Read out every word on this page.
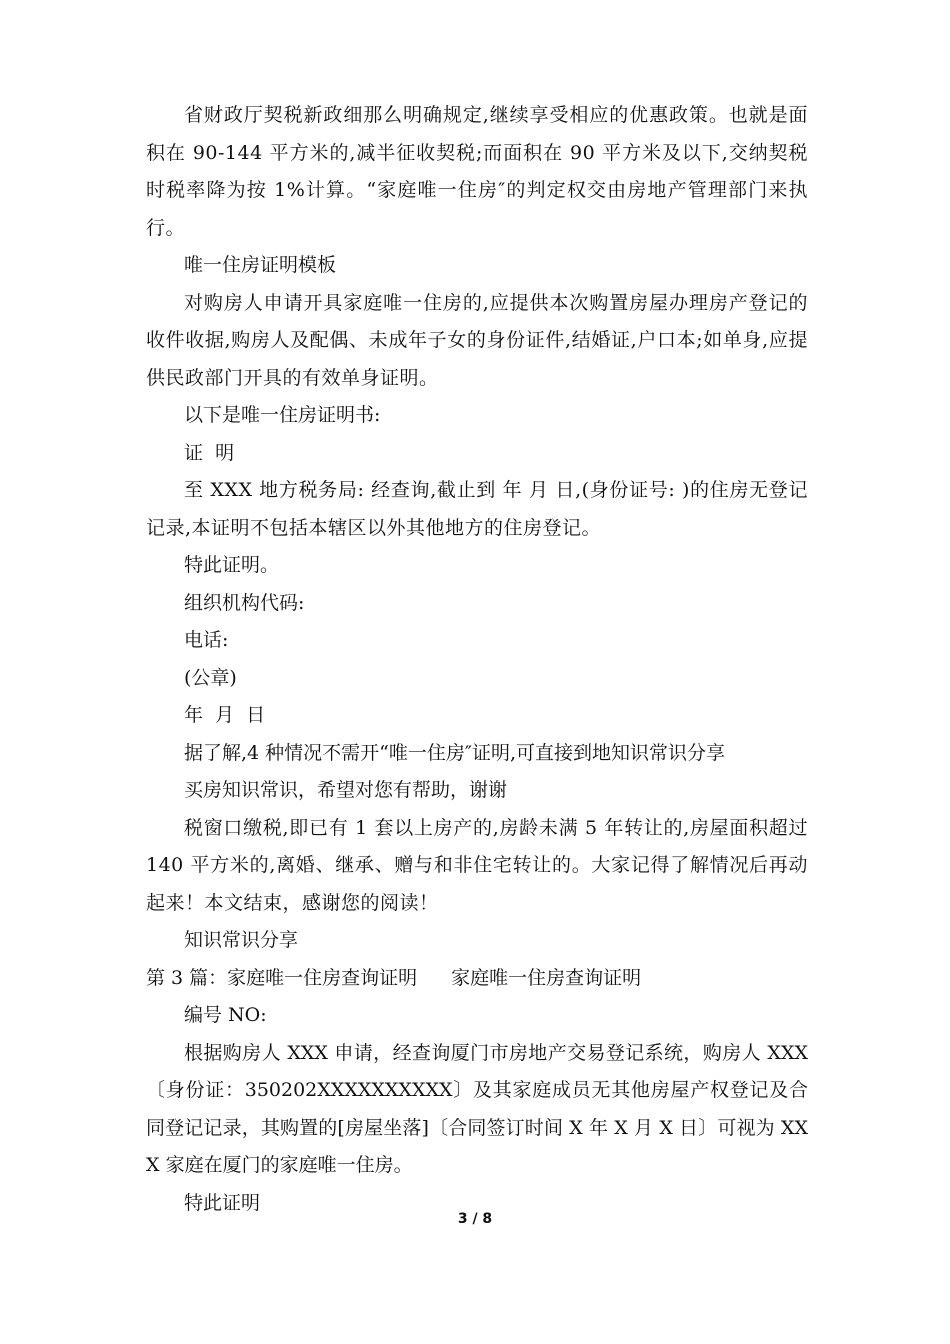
省财政厅契税新政细那么明确规定,继续享受相应的优惠政策。也就是面积在 90-144 平方米的,减半征收契税;而面积在 90 平方米及以下,交纳契税时税率降为按 1%计算。“家庭唯一住房″的判定权交由房地产管理部门来执行。

唯一住房证明模板

对购房人申请开具家庭唯一住房的,应提供本次购置房屋办理房产登记的收件收据,购房人及配偶、未成年子女的身份证件,结婚证,户口本;如单身,应提供民政部门开具的有效单身证明。

以下是唯一住房证明书:

证  明

至 XXX 地方税务局: 经查询,截止到 年 月 日,(身份证号: )的住房无登记记录,本证明不包括本辖区以外其他地方的住房登记。

特此证明。

组织机构代码:

电话:

(公章)

年  月  日

据了解,4 种情况不需开“唯一住房″证明,可直接到地知识常识分享

买房知识常识，希望对您有帮助，谢谢

税窗口缴税,即已有 1 套以上房产的,房龄未满 5 年转让的,房屋面积超过 140 平方米的,离婚、继承、赠与和非住宅转让的。大家记得了解情况后再动起来！本文结束，感谢您的阅读！

知识常识分享

第 3 篇：家庭唯一住房查询证明 家庭唯一住房查询证明

编号 NO:

根据购房人 XXX 申请，经查询厦门市房地产交易登记系统，购房人 XXX〔身份证：350202XXXXXXXXXX〕及其家庭成员无其他房屋产权登记及合同登记记录，其购置的[房屋坐落]〔合同签订时间 X 年 X 月 X 日〕可视为 XXX 家庭在厦门的家庭唯一住房。

特此证明

3 / 8
